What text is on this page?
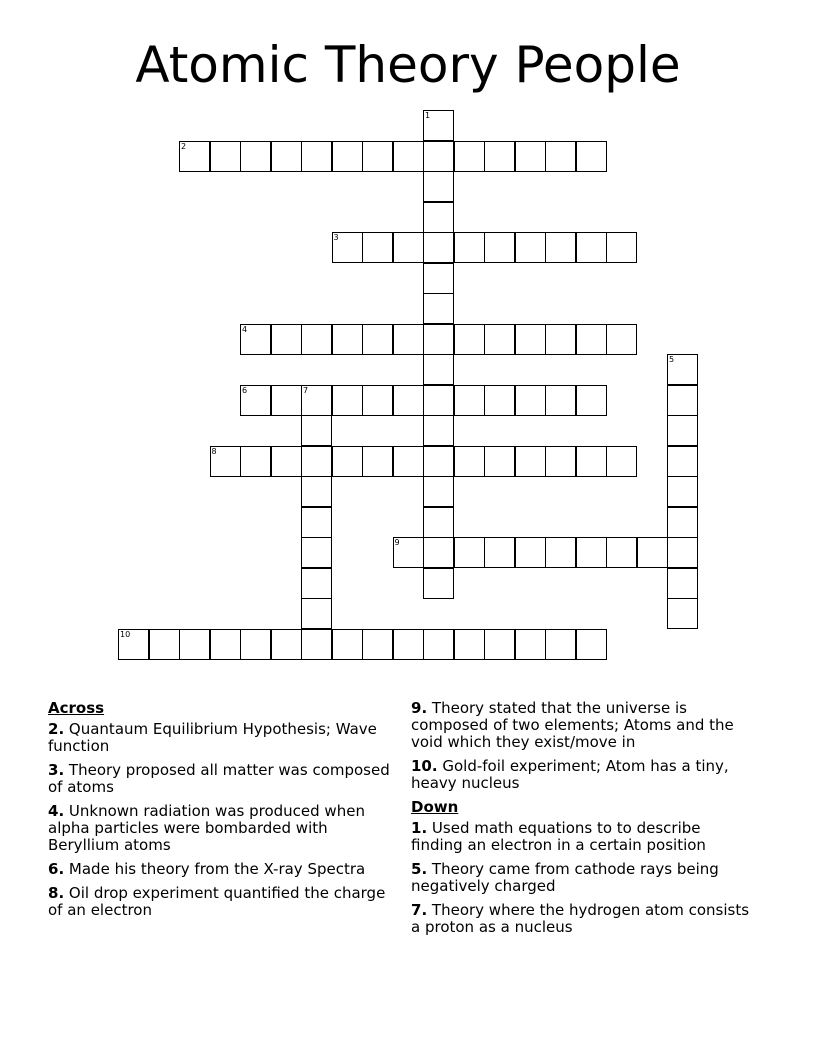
Atomic Theory People
1
2
3
4
5
6	7
8
9
10
Across
2. Quantaum Equilibrium Hypothesis; Wave function
3. Theory proposed all matter was composed of atoms
4. Unknown radiation was produced when alpha particles were bombarded with Beryllium atoms
6. Made his theory from the X-ray Spectra
8. Oil drop experiment quantified the charge of an electron
9. Theory stated that the universe is composed of two elements; Atoms and the void which they exist/move in
10. Gold-foil experiment; Atom has a tiny, heavy nucleus
Down
1. Used math equations to to describe finding an electron in a certain position
5. Theory came from cathode rays being negatively charged
7. Theory where the hydrogen atom consists a proton as a nucleus
